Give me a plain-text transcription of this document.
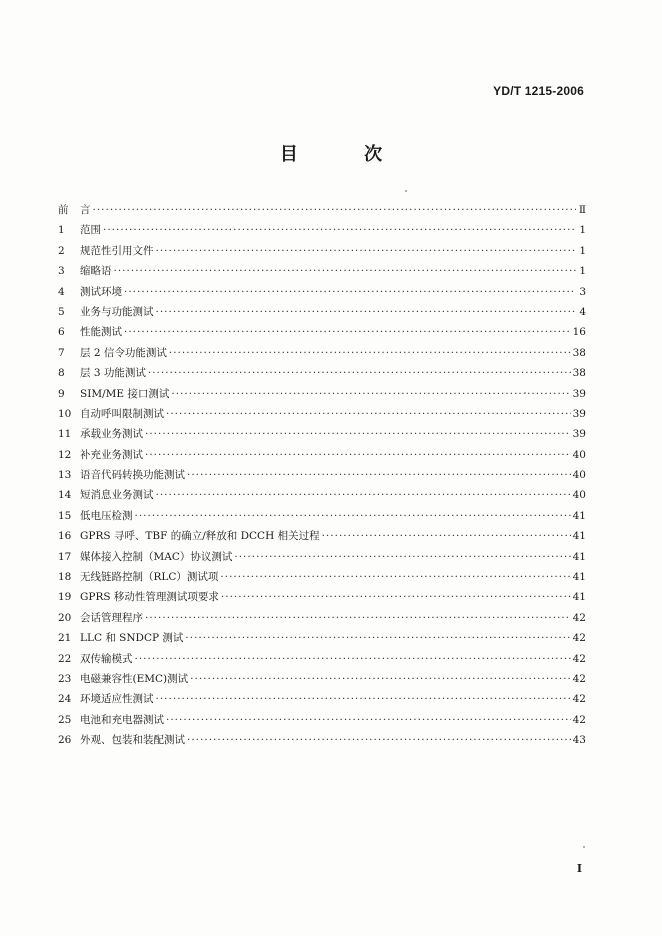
YD/T 1215-2006
目 次
前	言 ·····	Ⅱ
1	范围 ·····	1
2	规范性引用文件 ·····	1
3	缩略语 ·····	1
4	测试环境 ·····	3
5	业务与功能测试 ·····	4
6	性能测试 ·····	16
7	层 2 信令功能测试 ·····	38
8	层 3 功能测试 ·····	38
9	SIM/ME 接口测试 ·····	39
10 自动呼叫限制测试 ·····	39
11 承载业务测试 ·····	39
12 补充业务测试 ·····	40
13 语音代码转换功能测试 ·····	40
14 短消息业务测试 ·····	40
15 低电压检测 ·····	41
16 GPRS 寻呼、TBF 的确立/释放和 DCCH 相关过程 ·····	41
17 媒体接入控制（MAC）协议测试 ·····	41
18 无线链路控制（RLC）测试项 ·····	41
19 GPRS 移动性管理测试项要求 ·····	41
20 会话管理程序 ·····	42
21 LLC 和 SNDCP 测试 ·····	42
22 双传输模式 ·····	42
23 电磁兼容性(EMC)测试 ·····	42
24 环境适应性测试 ·····	42
25 电池和充电器测试 ·····	42
26 外观、包装和装配测试 ·····	43
I
